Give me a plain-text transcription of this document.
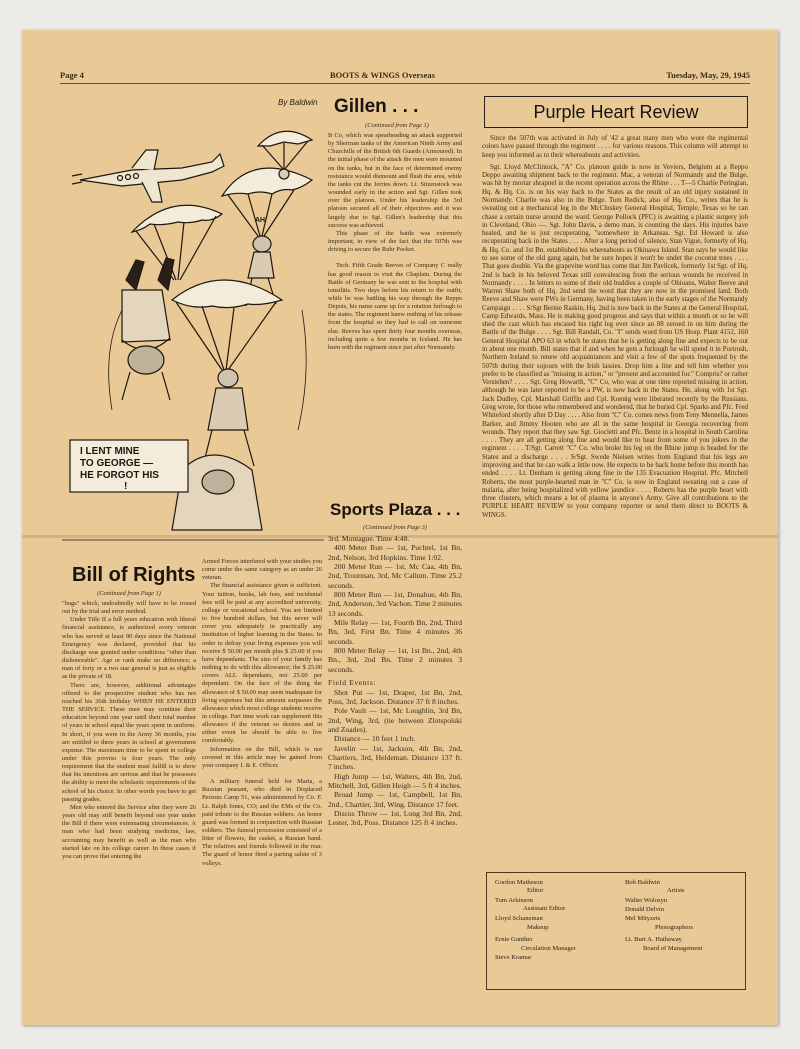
Page 4	BOOTS & WINGS Overseas	Tuesday, May, 29, 1945
By Baldwin
I LENT MINE
TO GEORGE —
HE FORGOT HIS
!
AH
Gillen . . .
(Continued from Page 1)

B Co, which was spearheading an attack supported by Sherman tanks of the American Ninth Army and Churchills of the British 6th Guards (Armoured). In the initial phase of the attack the men were mounted on the tanks, but in the face of determined enemy resistance would dismount and flush the area, while the tanks cut the Jerries down. Lt. Sitzenstock was wounded early in the action and Sgt. Gillen took over the platoon. Under his leadership the 3rd platoon secured all of their objectives and it was largely due to Sgt. Gillen's leadership that this success was achieved.

This phase of the battle was extremely important, in view of the fact that the 507th was driving to secure the Ruhr Pocket.

Tech. Fifth Grade Reeves of Company C really has good reason to visit the Chaplain. During the Battle of Germany he was sent to the hospital with tonsilitis. Two days before his return to the outfit, while he was battling his way through the Reppo Depots, his name came up for a rotation furlough to the states. The regiment knew nothing of his release from the hospital so they had to call on someone else. Reeves has spent thirty four months overseas, including quite a few months in Iceland. He has been with the regiment since just after Normandy.

Sports Plaza . . .
(Continued from Page 3)

3rd. Montague. Time 4:48.

400 Meter Run — 1st, Puchtel, 1st Bn, 2nd, Nelson, 3rd Hopkins. Time 1:02.

200 Meter Run — 1st, Mc Caa, 4th Bn, 2nd, Troutman, 3rd, Mc Callum. Time 25.2 seconds.

800 Meter Run — 1st, Donahue, 4th Bn, 2nd, Anderson, 3rd Vachon. Time 2 minutes 13 seconds.

Mile Relay — 1st, Fourth Bn, 2nd, Third Bn, 3rd, First Bn. Time 4 minutes 36 seconds.

800 Meter Relay — 1st, 1st Bn., 2nd, 4th Bn., 3rd, 2nd Bn. Time 2 minutes 3 seconds.

Field Events:

Shot Put — 1st, Draper, 1st Bn, 2nd, Poss, 3rd, Jackson. Distance 37 ft 8 inches.

Pole Vault — 1st, Mc Loughlin, 3rd Bn, 2nd, Wing, 3rd, (tie between Zlotspolski and Zoades).

Distance — 10 feet 1 inch.

Javelin — 1st, Jackson, 4th Bn, 2nd, Chartiers, 3rd, Heldeman. Distance 137 ft. 7 inches.

High Jump — 1st, Walters, 4th Bn, 2nd, Mitchell, 3rd, Gillen Heigh — 5 ft 4 inches.

Broad Jump — 1st, Campbell, 1st Bn, 2nd., Chartier, 3rd, Wing. Distance 17 feet.

Discus Throw — 1st, Long 3rd Bn, 2nd, Lester, 3rd, Poss. Distance 125 ft 4 inches.

Bill of Rights
(Continued from Page 1)

"bugs" which, undoubtedly will have to be ironed out by the trial and error method.

Under Title II a full years education with liberal financial assistance, is authorized every veteran who has served at least 90 days since the National Emergency was declared, provided that his discharge was granted under conditions "other than dishonorable". Age or rank make no difference; a man of forty or a two star general is just as eligible as the private of 18.

There are, however, additional advantages offered to the prospective student who has not reached his 26th birthday WHEN HE ENTERED THE SERVICE. These men may continue their education beyond one year until their total number of years in school equal the years spent in uniform. In short, if you were in the Army 36 months, you are entitled to three years in school at government expense. The maximum time to be spent in college under this proviso is four years. The only requirement that the student must fulfill is to show that his intentions are serious and that he possesses the ability to meet the scholastic requirements of the school of his choice. In other words you have to get passing grades.

Men who entered the Service after they were 26 years old may still benefit beyond one year under the Bill if there were extenuating circumstances. A man who had been studying medicine, law, accounting may benefit as well as the man who started late on his college career. In these cases if you can prove that entering the

Armed Forces interfered with your studies you come under the same category as an under 26 veteran.

The financial assistance given is sufficient. Your tuition, books, lab fees, and incidental fees will be paid at any accredited university, college or vocational school. You are limited to five hundred dollars, but this never will cover you adequately in practically any institution of higher learning in the States. In order to defray your living expenses you will receive $ 50.00 per month plus $ 25.00 if you have dependants. The size of your family has nothing to do with this allowance; the $ 25.00 covers ALL dependants, not 25.00 per dependant. On the face of the thing the allowance of $ 50.00 may seem inadequate for living expenses but this amount surpasses the allowance which most college students receive in college. Part time work can supplement this allowance if the veteran so desires and in either event he should be able to live comfortably.

Information on the Bill, which is not covered in this article may be gained from your company I. & E. Officer.

A military funeral held for Maria, a Russian peasant, who died in Displaced Persons Camp 51, was administered by Co. F. Lt. Ralph Jones, CO; and the EMs of the Co. paid tribute to the Russian soldiers. An honor guard was formed in conjunction with Russian soldiers. The funeral procession consisted of a litter of flowers, the casket, a Russian band. The relatives and friends followed in the rear. The guard of honor fired a parting salute of 3 volleys.

Purple Heart Review

Since the 507th was activated in July of '42 a great many men who wore the regimental colors have passed through the regiment . . . . for various reasons. This column will attempt to keep you informed as to their whereabouts and activities.

Sgt. Lloyd McClintock, "A" Co. platoon guide is now in Veviers, Belgium at a Reppo Deppo awaiting shipment back to the regiment. Mac, a veteran of Normandy and the Bulge, was hit by mortar shrapnel in the recent operation across the Rhine . . . T—5 Charlie Peringian, Hq. & Hq. Co. is on his way back to the States as the result of an old injury sustained in Normandy. Charlie was also in the Bulge. Tom Redick, also of Hq. Co., writes that he is sweating out a mechanical leg in the McCluskey General Hospital, Temple, Texas so he can chase a certain nurse around the ward. George Pollock (PFC) is awaiting a plastic surgery job in Cleveland, Ohio —. Sgt. John Davis, a demo man, is counting the days. His injuries have healed, and he is just recuperating, "somewhere in Arkansas. Sgt. Ed Howard is also recuperating back in the States . . . . After a long period of silence, Stan Vigue, formerly of Hq. & Hq. Co. and 1st Bn. established his whereabouts as Okinawa Island. Stan says he would like to see some of the old gang again, but he sure hopes it won't be under the coconut trees . . . . That goes double. Via the grapevine word has come that Jim Pavlicek, formerly 1st Sgt. of Hq. 2nd is back in his beloved Texas still convalescing from the serious wounds he received in Normandy . . . . In letters to some of their old buddies a couple of Ohioans, Walter Reeve and Warren Shaw both of Hq. 2nd send the word that they are now in the promised land. Both Reeve and Shaw were PWs in Germany, having been taken in the early stages of the Normandy Campaign . . . . S/Sgt Bernie Raskin, Hq. 2nd is now back in the States at the General Hospital, Camp Edwards, Mass. He is making good progress and says that within a month or so he will shed the cast which has encased his right leg ever since an 88 zeroed in on him during the Battle of the Bulge . . . . Sgt. Bill Randall, Co. "I" sends word from US Hosp. Plant 4152, 160 General Hospital APO 63 in which he states that he is getting along fine and expects to be out in about one month. Bill states that if and when he gets a furlough he will spend it in Portrush, Northern Ireland to renew old acquaintances and visit a few of the spots frequented by the 507th during their sojourn with the Irish lassies. Drop him a line and tell him whether you prefer to be classified as "missing in action," or "present and accounted for." Compris? or rather Verstehen? . . . . Sgt. Greg Howarth, "C" Co, who was at one time reported missing in action, although he was later reported to be a PW, is now back in the States. He, along with 1st Sgt. Jack Dudley, Cpl. Marshall Griffin and Cpl. Koenig were liberated recently by the Russians. Greg wrote, for those who remembered and wondered, that he buried Cpl. Sparks and Pfc. Fred Whiteford shortly after D Day . . . . Also from "C" Co. comes news from Tony Mennella, James Barker, and Jimmy Hooten who are all in the same hospital in Georgia recovering from wounds. They report that they saw Sgt. Giocletti and Pfc. Bentz in a hospital in South Carolina . . . . They are all getting along fine and would like to hear from some of you jokers in the regiment . . . . T/Sgt. Carrett "C" Co. who broke his leg on the Rhine jump is headed for the States and a discharge . . . . S/Sgt. Swede Nielsen writes from England that his legs are improving and that he can walk a little now. He expects to be back home before this month has ended . . . . Lt. Denham is getting along fine in the 135 Evacuation Hospital. Pfc. Mitchell Roberts, the most purple-hearted man in "C" Co. is now in England sweating out a case of malaria, after being hospitalized with yellow jaundice . . . . Roberts has the purple heart with three clusters, which means a lot of plasma in anyone's Army. Give all contributions to the PURPLE HEART REVIEW to your company reporter or send them direct to BOOTS & WINGS.

Gordon Matheson
Editor
Tom Arkinson
Assistant Editor
Lloyd Schaneman
Makeup
Ernie Gunther
Circulation Manager
Steve Kramar
Bob Baldwin
Artists
Walter Wolosyn
Donald Delvin
Mel Mityzets
Photographers
Lt. Burt A. Hathaway
Board of Management
